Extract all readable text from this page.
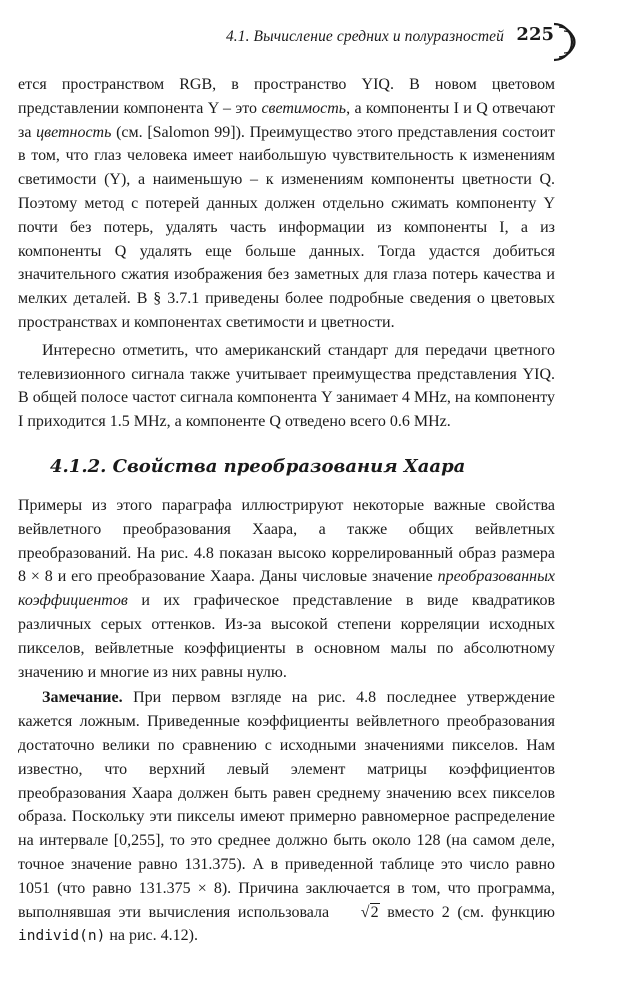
4.1. Вычисление средних и полуразностей 225

ется пространством RGB, в пространство YIQ. В новом цветовом представлении компонента Y – это светимость, а компоненты I и Q отвечают за цветность (см. [Salomon 99]). Преимущество этого представления состоит в том, что глаз человека имеет наибольшую чувствительность к изменениям светимости (Y), а наименьшую – к изменениям компоненты цветности Q. Поэтому метод с потерей данных должен отдельно сжимать компоненту Y почти без потерь, удалять часть информации из компоненты I, а из компоненты Q удалять еще больше данных. Тогда удастся добиться значительного сжатия изображения без заметных для глаза потерь качества и мелких деталей. В § 3.7.1 приведены более подробные сведения о цветовых пространствах и компонентах светимости и цветности.

Интересно отметить, что американский стандарт для передачи цветного телевизионного сигнала также учитывает преимущества представления YIQ. В общей полосе частот сигнала компонента Y занимает 4 MHz, на компоненту I приходится 1.5 MHz, а компоненте Q отведено всего 0.6 MHz.

4.1.2. Свойства преобразования Хаара

Примеры из этого параграфа иллюстрируют некоторые важные свойства вейвлетного преобразования Хаара, а также общих вейвлетных преобразований. На рис. 4.8 показан высоко коррелированный образ размера 8 × 8 и его преобразование Хаара. Даны числовые значение преобразованных коэффициентов и их графическое представление в виде квадратиков различных серых оттенков. Из-за высокой степени корреляции исходных пикселов, вейвлетные коэффициенты в основном малы по абсолютному значению и многие из них равны нулю.

Замечание. При первом взгляде на рис. 4.8 последнее утверждение кажется ложным. Приведенные коэффициенты вейвлетного преобразования достаточно велики по сравнению с исходными значениями пикселов. Нам известно, что верхний левый элемент матрицы коэффициентов преобразования Хаара должен быть равен среднему значению всех пикселов образа. Поскольку эти пикселы имеют примерно равномерное распределение на интервале [0,255], то это среднее должно быть около 128 (на самом деле, точное значение равно 131.375). А в приведенной таблице это число равно 1051 (что равно 131.375 × 8). Причина заключается в том, что программа, выполнявшая эти вычисления использовала √2 вместо 2 (см. функцию individ(n) на рис. 4.12).
